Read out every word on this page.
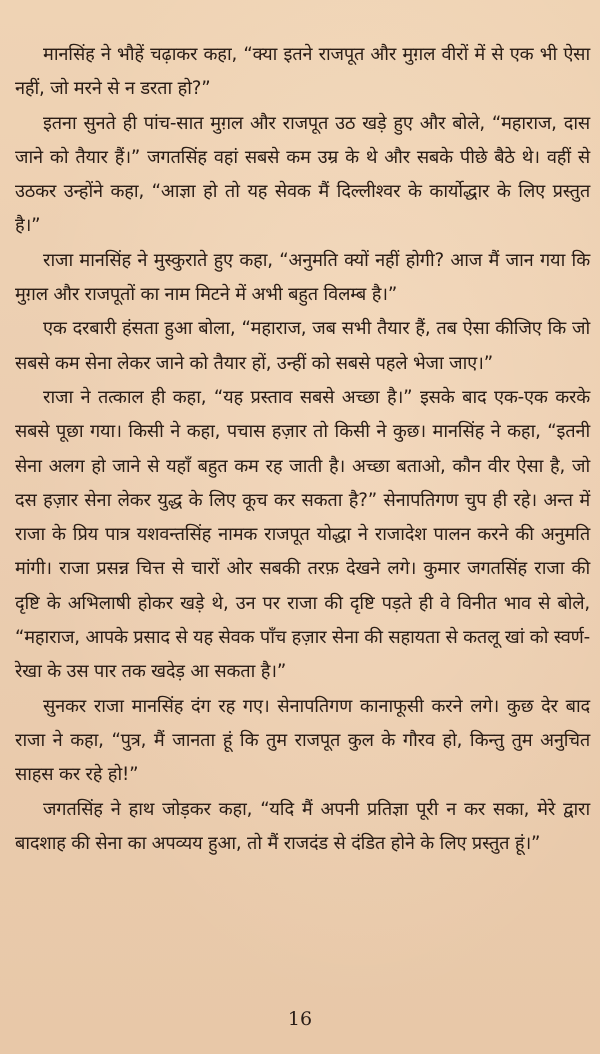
मानसिंह ने भौहें चढ़ाकर कहा, “क्या इतने राजपूत और मुग़ल वीरों में से एक भी ऐसा नहीं, जो मरने से न डरता हो?”

इतना सुनते ही पांच-सात मुग़ल और राजपूत उठ खड़े हुए और बोले, “महाराज, दास जाने को तैयार हैं।” जगतसिंह वहां सबसे कम उम्र के थे और सबके पीछे बैठे थे। वहीं से उठकर उन्होंने कहा, “आज्ञा हो तो यह सेवक मैं दिल्लीश्वर के कार्योद्धार के लिए प्रस्तुत है।”

राजा मानसिंह ने मुस्कुराते हुए कहा, “अनुमति क्यों नहीं होगी? आज मैं जान गया कि मुग़ल और राजपूतों का नाम मिटने में अभी बहुत विलम्ब है।”

एक दरबारी हंसता हुआ बोला, “महाराज, जब सभी तैयार हैं, तब ऐसा कीजिए कि जो सबसे कम सेना लेकर जाने को तैयार हों, उन्हीं को सबसे पहले भेजा जाए।”

राजा ने तत्काल ही कहा, “यह प्रस्ताव सबसे अच्छा है।” इसके बाद एक-एक करके सबसे पूछा गया। किसी ने कहा, पचास हज़ार तो किसी ने कुछ। मानसिंह ने कहा, “इतनी सेना अलग हो जाने से यहाँ बहुत कम रह जाती है। अच्छा बताओ, कौन वीर ऐसा है, जो दस हज़ार सेना लेकर युद्ध के लिए कूच कर सकता है?” सेनापतिगण चुप ही रहे। अन्त में राजा के प्रिय पात्र यशवन्तसिंह नामक राजपूत योद्धा ने राजादेश पालन करने की अनुमति मांगी। राजा प्रसन्न चित्त से चारों ओर सबकी तरफ़ देखने लगे। कुमार जगतसिंह राजा की दृष्टि के अभिलाषी होकर खड़े थे, उन पर राजा की दृष्टि पड़ते ही वे विनीत भाव से बोले, “महाराज, आपके प्रसाद से यह सेवक पाँच हज़ार सेना की सहायता से कतलू खां को स्वर्ण-रेखा के उस पार तक खदेड़ आ सकता है।”

सुनकर राजा मानसिंह दंग रह गए। सेनापतिगण कानाफूसी करने लगे। कुछ देर बाद राजा ने कहा, “पुत्र, मैं जानता हूं कि तुम राजपूत कुल के गौरव हो, किन्तु तुम अनुचित साहस कर रहे हो!”

जगतसिंह ने हाथ जोड़कर कहा, “यदि मैं अपनी प्रतिज्ञा पूरी न कर सका, मेरे द्वारा बादशाह की सेना का अपव्यय हुआ, तो मैं राजदंड से दंडित होने के लिए प्रस्तुत हूं।”

16
